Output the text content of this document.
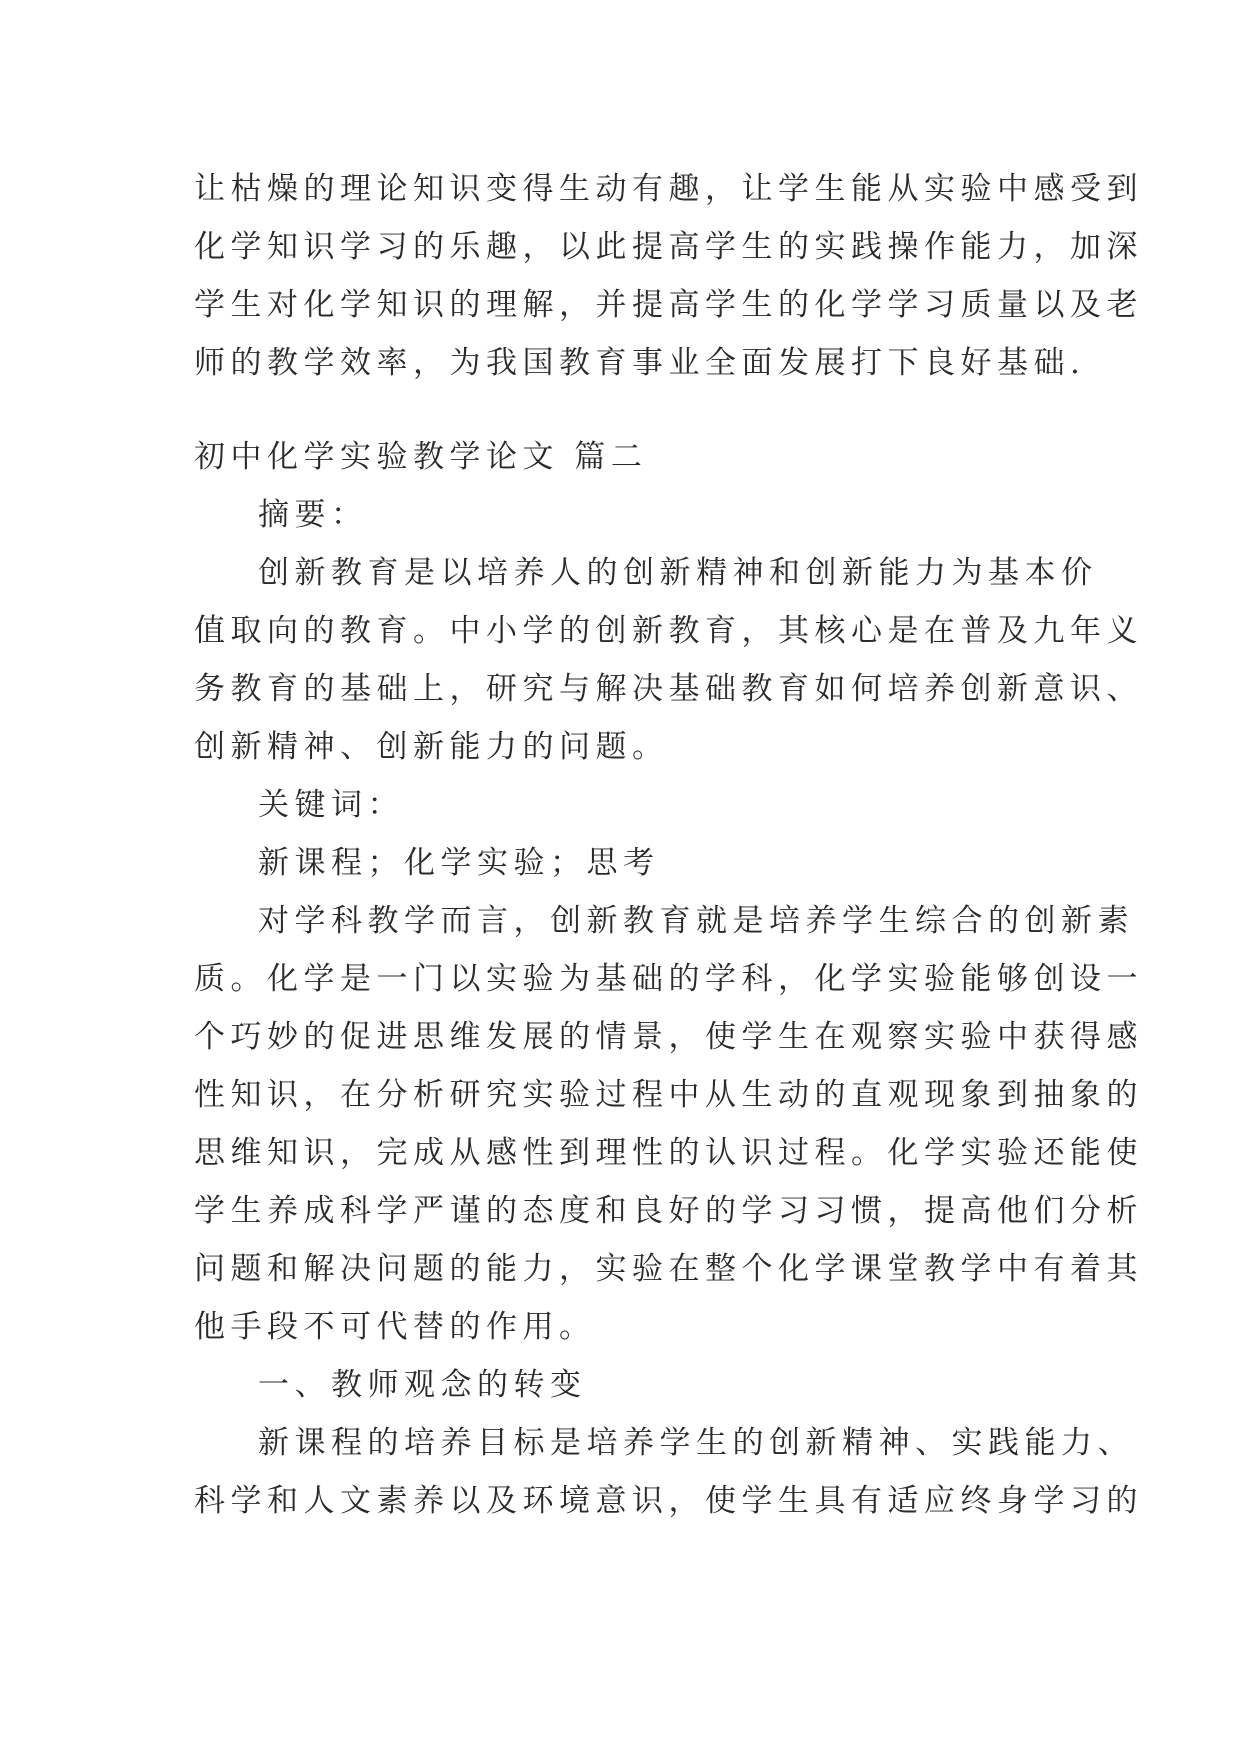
让枯燥的理论知识变得生动有趣，让学生能从实验中感受到
化学知识学习的乐趣，以此提高学生的实践操作能力，加深
学生对化学知识的理解，并提高学生的化学学习质量以及老
师的教学效率，为我国教育事业全面发展打下良好基础.
初中化学实验教学论文 篇二
摘要：
创新教育是以培养人的创新精神和创新能力为基本价
值取向的教育。中小学的创新教育，其核心是在普及九年义
务教育的基础上，研究与解决基础教育如何培养创新意识、
创新精神、创新能力的问题。
关键词：
新课程；化学实验；思考
对学科教学而言，创新教育就是培养学生综合的创新素
质。化学是一门以实验为基础的学科，化学实验能够创设一
个巧妙的促进思维发展的情景，使学生在观察实验中获得感
性知识，在分析研究实验过程中从生动的直观现象到抽象的
思维知识，完成从感性到理性的认识过程。化学实验还能使
学生养成科学严谨的态度和良好的学习习惯，提高他们分析
问题和解决问题的能力，实验在整个化学课堂教学中有着其
他手段不可代替的作用。
一、教师观念的转变
新课程的培养目标是培养学生的创新精神、实践能力、
科学和人文素养以及环境意识，使学生具有适应终身学习的
